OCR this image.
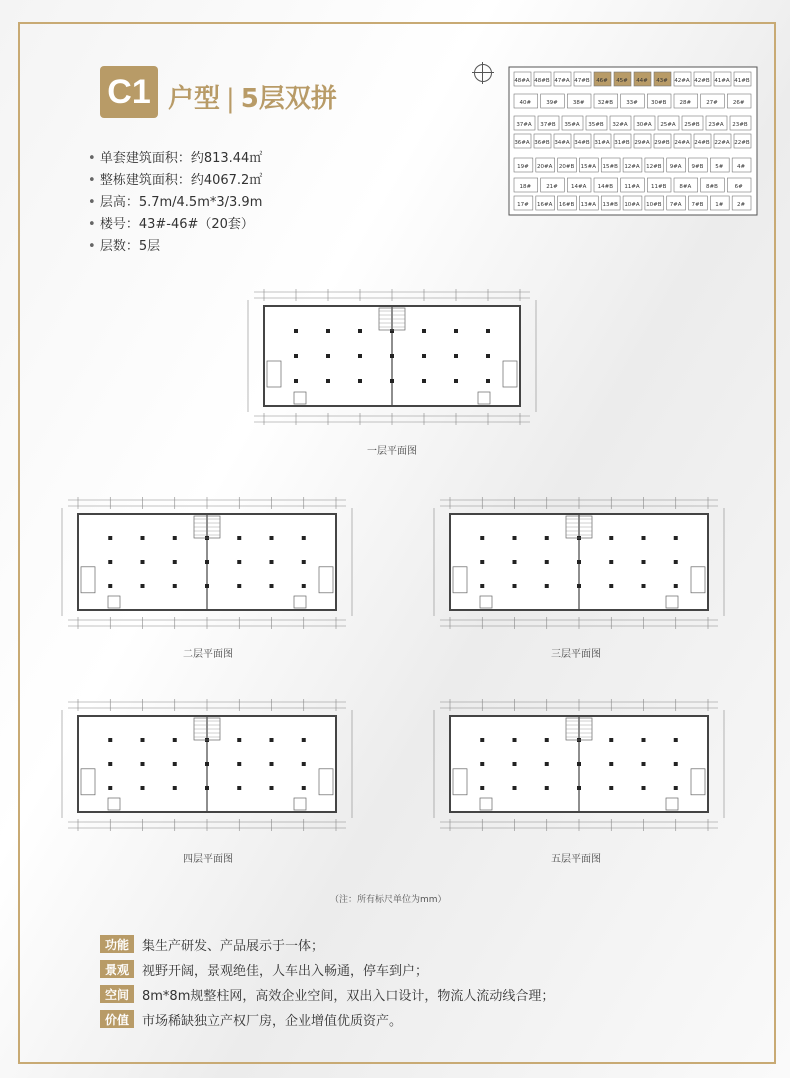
C1 户型 | 5层双拼
• 单套建筑面积：约813.44㎡
• 整栋建筑面积：约4067.2㎡
• 层高：5.7m/4.5m*3/3.9m
• 楼号：43#-46#（20套）
• 层数：5层
48#A 48#B 47#A 47#B 46# 45# 44# 43# 42#A 42#B 41#A 41#B
40#	39#	38# 32#B 33# 30#B 28#	27#	26#
37#A 37#B 35#A 35#B 32#A 30#A 25#A 25#B 23#A 23#B
36#A 36#B 34#A 34#B 31#A 31#B 29#A 29#B 24#A 24#B 22#A 22#B
19# 20#A 20#B 15#A 15#B 12#A 12#B 9#A 9#B 5# 4#
18#	21# 14#A 14#B 11#A 11#B 8#A	8#B	6#
17# 16#A 16#B 13#A 13#B 10#A 10#B 7#A 7#B 1# 2#
一层平面图
二层平面图	三层平面图
四层平面图	五层平面图
（注：所有标尺单位为mm）
功能	集生产研发、产品展示于一体；
景观	视野开阔，景观绝佳，人车出入畅通，停车到户；
空间	8m*8m规整柱网，高效企业空间，双出入口设计，物流人流动线合理；
价值	市场稀缺独立产权厂房，企业增值优质资产。
